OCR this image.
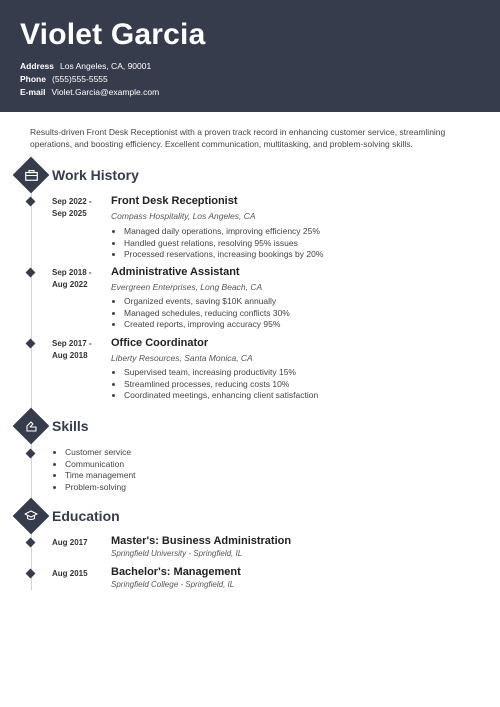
Violet Garcia
Address Los Angeles, CA, 90001
Phone (555)555-5555
E-mail Violet.Garcia@example.com
Results-driven Front Desk Receptionist with a proven track record in enhancing customer service, streamlining operations, and boosting efficiency. Excellent communication, multitasking, and problem-solving skills.
Work History
Sep 2022 -
Sep 2025
Front Desk Receptionist
Compass Hospitality, Los Angeles, CA
• Managed daily operations, improving efficiency 25%
• Handled guest relations, resolving 95% issues
• Processed reservations, increasing bookings by 20%
Sep 2018 -
Aug 2022
Administrative Assistant
Evergreen Enterprises, Long Beach, CA
• Organized events, saving $10K annually
• Managed schedules, reducing conflicts 30%
• Created reports, improving accuracy 95%
Sep 2017 -
Aug 2018
Office Coordinator
Liberty Resources, Santa Monica, CA
• Supervised team, increasing productivity 15%
• Streamlined processes, reducing costs 10%
• Coordinated meetings, enhancing client satisfaction
Skills
• Customer service
• Communication
• Time management
• Problem-solving
Education
Aug 2017 Master's: Business Administration
Springfield University - Springfield, IL
Aug 2015 Bachelor's: Management
Springfield College - Springfield, IL
